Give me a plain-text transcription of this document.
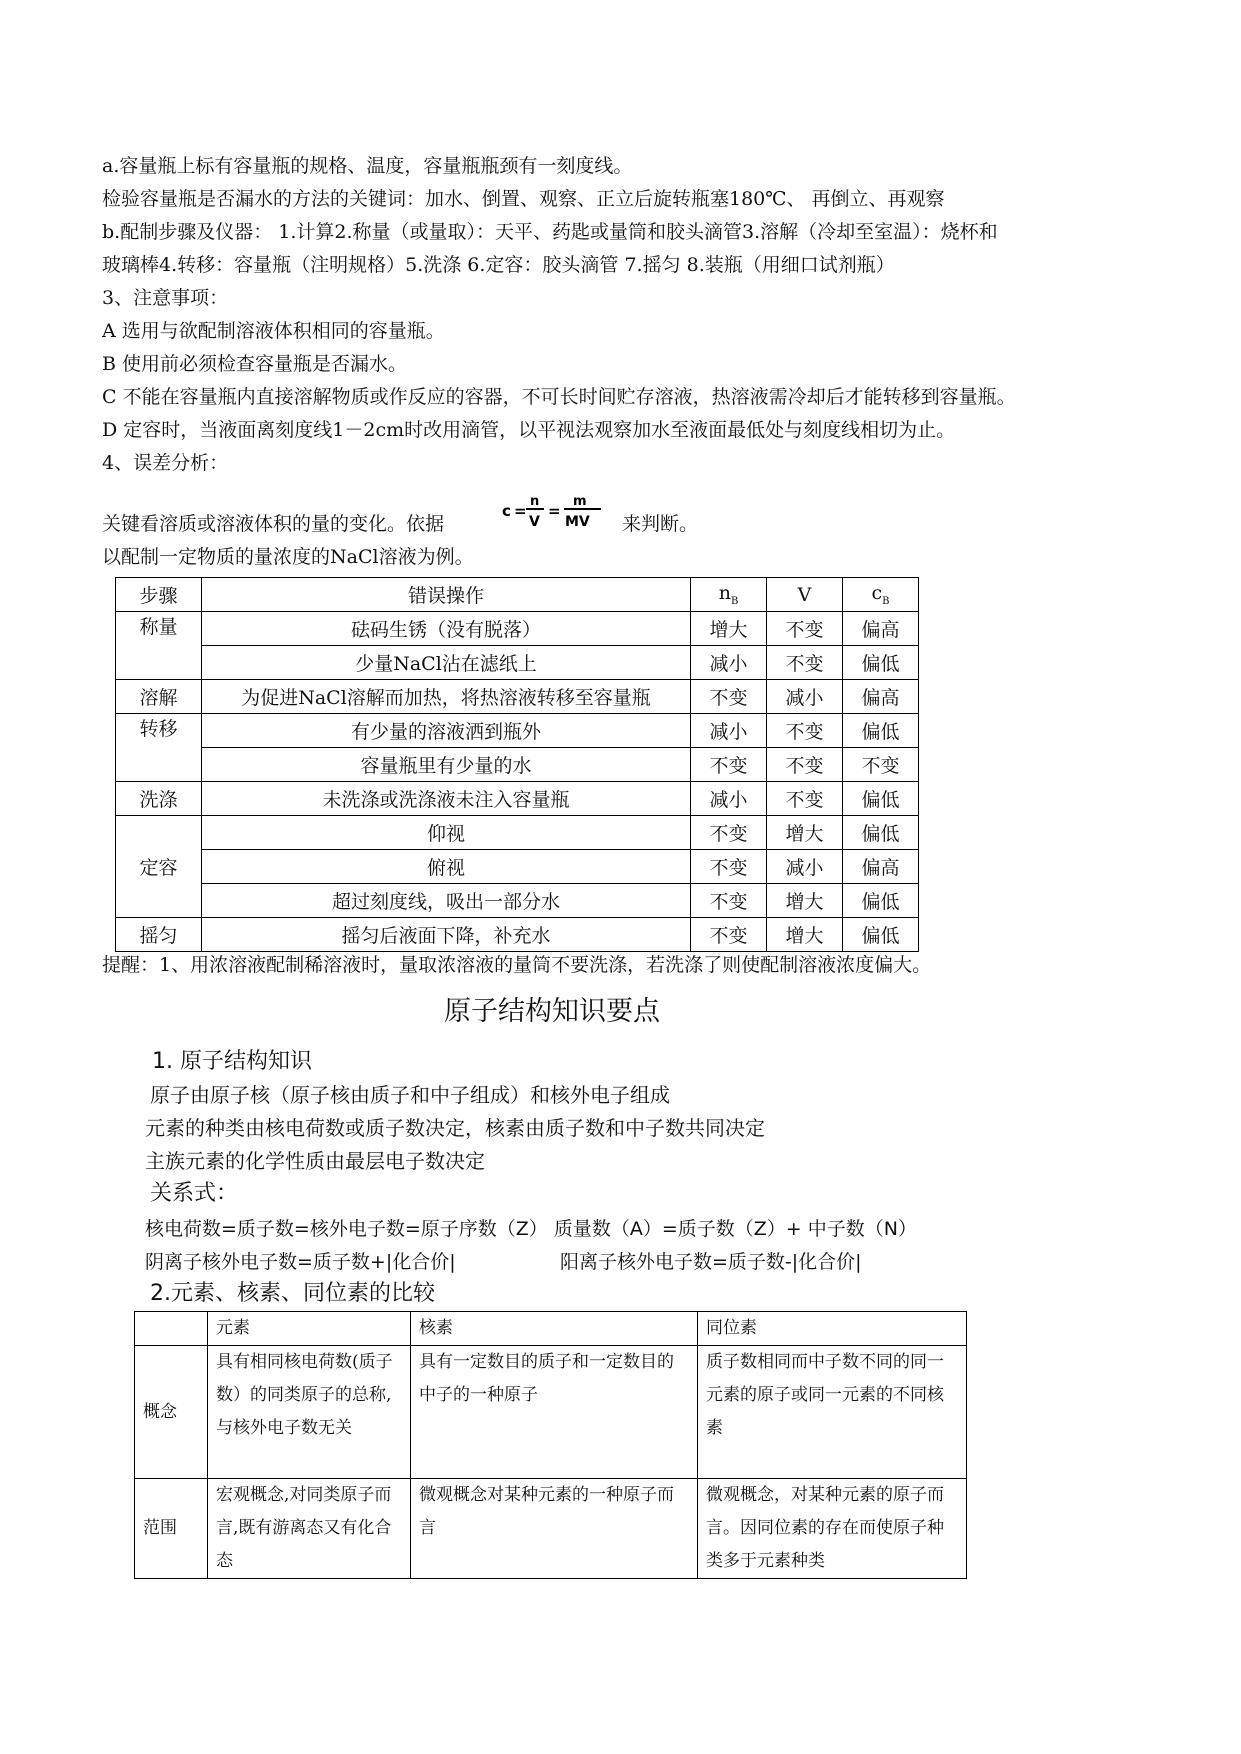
a.容量瓶上标有容量瓶的规格、温度，容量瓶瓶颈有一刻度线。
检验容量瓶是否漏水的方法的关键词：加水、倒置、观察、正立后旋转瓶塞180℃、 再倒立、再观察
b.配制步骤及仪器： 1.计算2.称量（或量取）：天平、药匙或量筒和胶头滴管3.溶解（冷却至室温）：烧杯和
玻璃棒4.转移：容量瓶（注明规格）5.洗涤 6.定容：胶头滴管 7.摇匀 8.装瓶（用细口试剂瓶）
3、注意事项：
A 选用与欲配制溶液体积相同的容量瓶。
B 使用前必须检查容量瓶是否漏水。
C 不能在容量瓶内直接溶解物质或作反应的容器，不可长时间贮存溶液，热溶液需冷却后才能转移到容量瓶。
D 定容时，当液面离刻度线1－2cm时改用滴管，以平视法观察加水至液面最低处与刻度线相切为止。
4、误差分析：
关键看溶质或溶液体积的量的变化。依据
c =
n
V
=
m
MV 来判断。
以配制一定物质的量浓度的NaCl溶液为例。
步骤	错误操作	$n_B$	V	$c_B$
称量	砝码生锈（没有脱落）	增大	不变	偏高
	少量NaCl沾在滤纸上	减小	不变	偏低
溶解	为促进NaCl溶解而加热，将热溶液转移至容量瓶	不变	减小	偏高
转移	有少量的溶液洒到瓶外	减小	不变	偏低
	容量瓶里有少量的水	不变	不变	不变
洗涤	未洗涤或洗涤液未注入容量瓶	减小	不变	偏低
定容	仰视	不变	增大	偏低
	俯视	不变	减小	偏高
	超过刻度线，吸出一部分水	不变	增大	偏低
摇匀	摇匀后液面下降，补充水	不变	增大	偏低
提醒：1、用浓溶液配制稀溶液时，量取浓溶液的量筒不要洗涤，若洗涤了则使配制溶液浓度偏大。
原子结构知识要点
1. 原子结构知识
原子由原子核（原子核由质子和中子组成）和核外电子组成
元素的种类由核电荷数或质子数决定，核素由质子数和中子数共同决定
主族元素的化学性质由最层电子数决定
关系式：
核电荷数=质子数=核外电子数=原子序数（Z） 质量数（A）=质子数（Z）+ 中子数（N）
阴离子核外电子数=质子数+|化合价|	阳离子核外电子数=质子数-|化合价|
2.元素、核素、同位素的比较
	元素	核素	同位素
概念	具有相同核电荷数(质子数）的同类原子的总称,与核外电子数无关	具有一定数目的质子和一定数目的中子的一种原子	质子数相同而中子数不同的同一元素的原子或同一元素的不同核素
范围	宏观概念,对同类原子而言,既有游离态又有化合态	微观概念对某种元素的一种原子而言	微观概念，对某种元素的原子而言。因同位素的存在而使原子种类多于元素种类
